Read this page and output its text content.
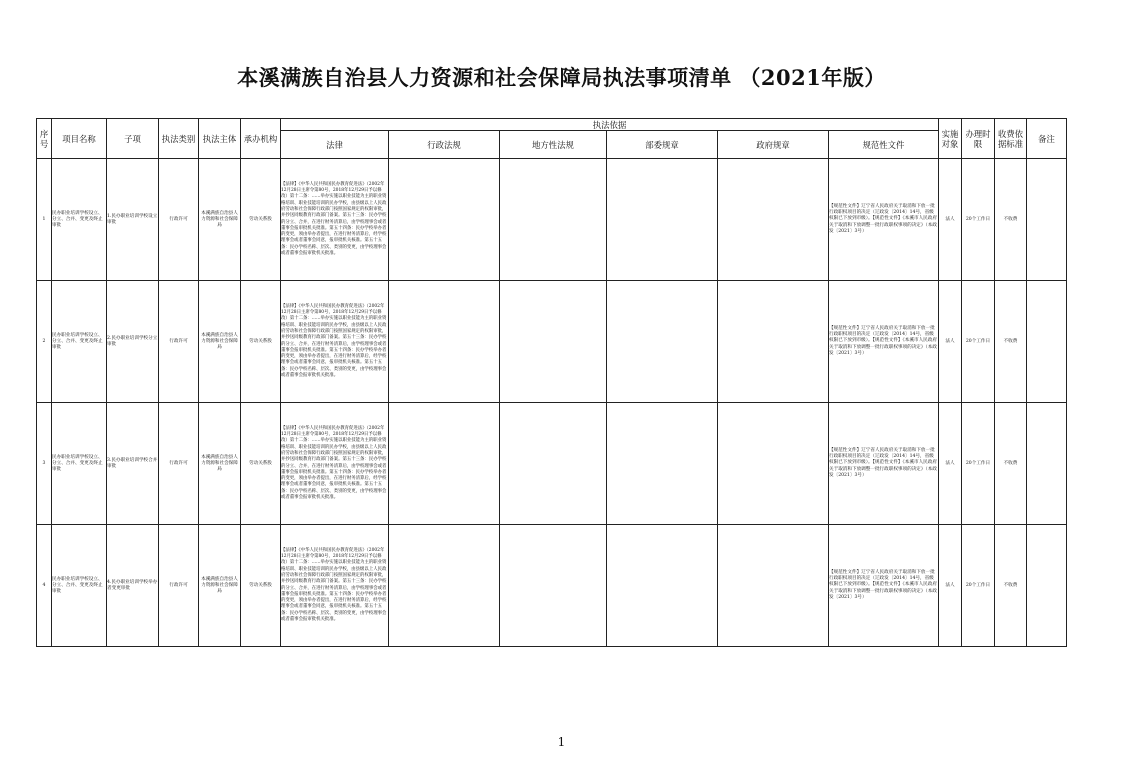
本溪满族自治县人力资源和社会保障局执法事项清单 （2021年版）
序号	项目名称	子项	执法类别	执法主体	承办机构	执法依据						实施对象	办理时限	收费依据标准	备注
						法律	行政法规	地方性法规	部委规章	政府规章	规范性文件				
1	民办职业培训学校设立、分立、合并、变更及终止审批	1.民办职业培训学校设立审批	行政许可	本溪满族自治县人力资源和社会保障局	劳动关系股	【法律】《中华人民共和国民办教育促进法》（2002年12月28日主席令第80号，2018年12月29日予以修改）第十二条：……举办实施以职业技能为主的职业资格培训、职业技能培训的民办学校，由县级以上人民政府劳动和社会保障行政部门按照国家规定的权限审批，并抄送同级教育行政部门备案。第五十三条：民办学校的分立、合并，在进行财务清算后，由学校理事会或者董事会报审批机关批准。第五十四条：民办学校举办者的变更，须由举办者提出，在进行财务清算后，经学校理事会或者董事会同意，报审批机关核准。第五十五条：民办学校名称、层次、类别的变更，由学校理事会或者董事会报审批机关批准。					【规范性文件】辽宁省人民政府关于取消和下放一批行政职权项目的决定（辽政发〔2014〕14号，省级权限已下放到市级）。【规范性文件】《本溪市人民政府关于取消和下放调整一批行政职权事项的决定》（本政发〔2021〕3号）	法人	20个工作日	不收费	
2	民办职业培训学校设立、分立、合并、变更及终止审批	2.民办职业培训学校分立审批	行政许可	本溪满族自治县人力资源和社会保障局	劳动关系股	【法律】《中华人民共和国民办教育促进法》（2002年12月28日主席令第80号，2018年12月29日予以修改）第十二条：……举办实施以职业技能为主的职业资格培训、职业技能培训的民办学校，由县级以上人民政府劳动和社会保障行政部门按照国家规定的权限审批，并抄送同级教育行政部门备案。第五十三条：民办学校的分立、合并，在进行财务清算后，由学校理事会或者董事会报审批机关批准。第五十四条：民办学校举办者的变更，须由举办者提出，在进行财务清算后，经学校理事会或者董事会同意，报审批机关核准。第五十五条：民办学校名称、层次、类别的变更，由学校理事会或者董事会报审批机关批准。					【规范性文件】辽宁省人民政府关于取消和下放一批行政职权项目的决定（辽政发〔2014〕14号，省级权限已下放到市级）。【规范性文件】《本溪市人民政府关于取消和下放调整一批行政职权事项的决定》（本政发〔2021〕3号）	法人	20个工作日	不收费	
3	民办职业培训学校设立、分立、合并、变更及终止审批	3.民办职业培训学校合并审批	行政许可	本溪满族自治县人力资源和社会保障局	劳动关系股	【法律】《中华人民共和国民办教育促进法》（2002年12月28日主席令第80号，2018年12月29日予以修改）第十二条：……举办实施以职业技能为主的职业资格培训、职业技能培训的民办学校，由县级以上人民政府劳动和社会保障行政部门按照国家规定的权限审批，并抄送同级教育行政部门备案。第五十三条：民办学校的分立、合并，在进行财务清算后，由学校理事会或者董事会报审批机关批准。第五十四条：民办学校举办者的变更，须由举办者提出，在进行财务清算后，经学校理事会或者董事会同意，报审批机关核准。第五十五条：民办学校名称、层次、类别的变更，由学校理事会或者董事会报审批机关批准。					【规范性文件】辽宁省人民政府关于取消和下放一批行政职权项目的决定（辽政发〔2014〕14号，省级权限已下放到市级）。【规范性文件】《本溪市人民政府关于取消和下放调整一批行政职权事项的决定》（本政发〔2021〕3号）	法人	20个工作日	不收费	
4	民办职业培训学校设立、分立、合并、变更及终止审批	4.民办职业培训学校举办者变更审批	行政许可	本溪满族自治县人力资源和社会保障局	劳动关系股	【法律】《中华人民共和国民办教育促进法》（2002年12月28日主席令第80号，2018年12月29日予以修改）第十二条：……举办实施以职业技能为主的职业资格培训、职业技能培训的民办学校，由县级以上人民政府劳动和社会保障行政部门按照国家规定的权限审批，并抄送同级教育行政部门备案。第五十三条：民办学校的分立、合并，在进行财务清算后，由学校理事会或者董事会报审批机关批准。第五十四条：民办学校举办者的变更，须由举办者提出，在进行财务清算后，经学校理事会或者董事会同意，报审批机关核准。第五十五条：民办学校名称、层次、类别的变更，由学校理事会或者董事会报审批机关批准。					【规范性文件】辽宁省人民政府关于取消和下放一批行政职权项目的决定（辽政发〔2014〕14号，省级权限已下放到市级）。【规范性文件】《本溪市人民政府关于取消和下放调整一批行政职权事项的决定》（本政发〔2021〕3号）	法人	20个工作日	不收费	
1
